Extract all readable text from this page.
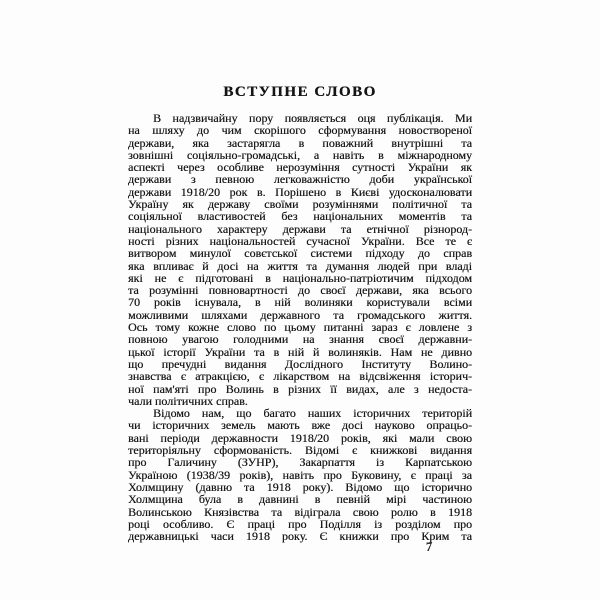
ВСТУПНЕ СЛОВО
В надзвичайну пору появляється оця публікація. Ми
на шляху до чим скорішого сформування новоствореної
держави, яка застарягла в поважний внутрішні та
зовнішні соціяльно-громадські, а навіть в міжнародному
аспекті через особливе нерозуміння сутності України як
держави з певною легковажністю доби української
держави 1918/20 рок в. Порішено в Києві удосконалювати
Україну як державу своїми розуміннями політичної та
соціяльної властивостей без національних моментів та
національного характеру держави та етнічної різнород-
ності різних національностей сучасної України. Все те є
витвором минулої совєтської системи підходу до справ
яка впливає й досі на життя та думання людей при владі
які не є підготовані в національно-патріотичим підходом
та розумінні повновартності до своєї держави, яка всього
70 років існувала, в ній волиняки користували всіми
можливими шляхами державного та громадського життя.
Ось тому кожне слово по цьому питанні зараз є ловлене з
повною увагою голодними на знання своєї державни-
цької історії України та в ній й волиняків. Нам не дивно
що пречудні видання Дослідного Інституту Волино-
знавства є атракцією, є лікарством на відсвіження історич-
ної пам'яті про Волинь в різних її видах, але з недоста-
чали політичних справ.
Відомо нам, що багато наших історичних територій
чи історичних земель мають вже досі науково опрацьо-
вані періоди державности 1918/20 років, які мали свою
територіяльну сформованість. Відомі є книжкові видання
про Галичину (ЗУНР), Закарпаття із Карпатською
Україною (1938/39 років), навіть про Буковину, є праці за
Холмщину (давню та 1918 року). Відомо що історично
Холмщина була в давнині в певній мірі частиною
Волинською Князівства та відіграла свою ролю в 1918
році особливо. Є праці про Поділля із розділом про
державницькі часи 1918 року. Є книжки про Крим та
7
